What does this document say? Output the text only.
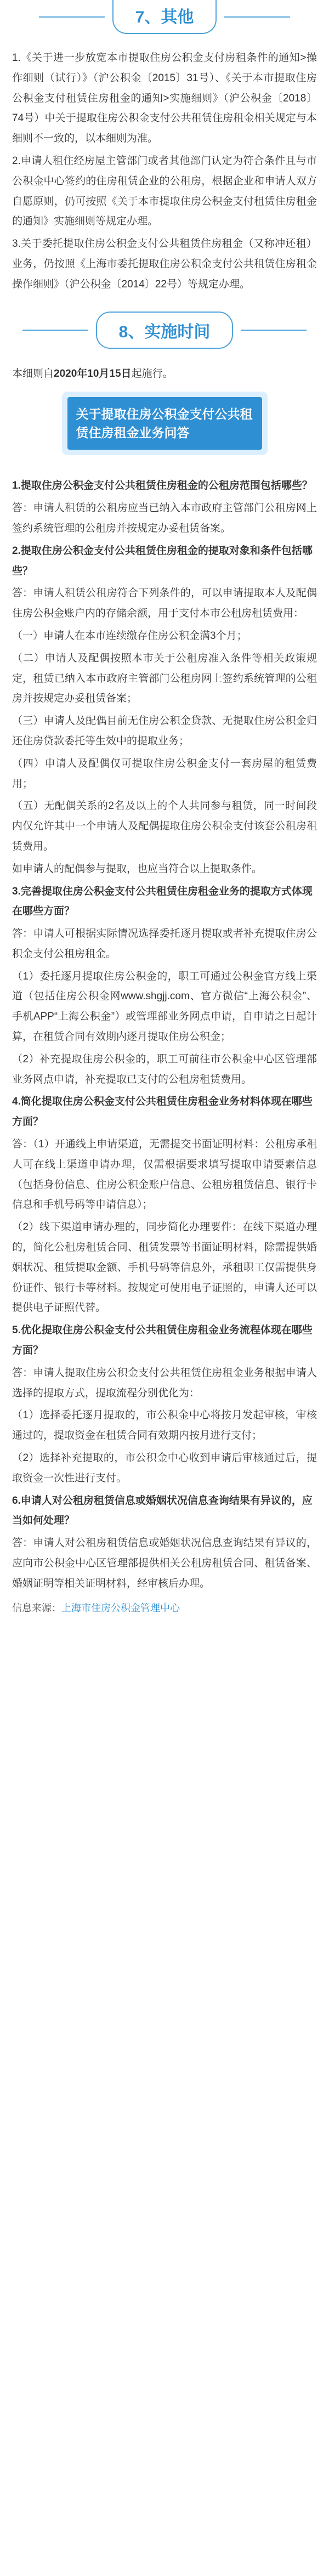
7、其他

1.《关于进一步放宽本市提取住房公积金支付房租条件的通知>操作细则（试行）》（沪公积金〔2015〕31号）、《关于本市提取住房公积金支付租赁住房租金的通知>实施细则》（沪公积金〔2018〕74号）中关于提取住房公积金支付公共租赁住房租金相关规定与本细则不一致的，以本细则为准。

2.申请人租住经房屋主管部门或者其他部门认定为符合条件且与市公积金中心签约的住房租赁企业的公租房，根据企业和申请人双方自愿原则，仍可按照《关于本市提取住房公积金支付租赁住房租金的通知》实施细则等规定办理。

3.关于委托提取住房公积金支付公共租赁住房租金（又称冲还租）业务，仍按照《上海市委托提取住房公积金支付公共租赁住房租金操作细则》（沪公积金〔2014〕22号）等规定办理。

8、实施时间

本细则自2020年10月15日起施行。

关于提取住房公积金支付公共租赁住房租金业务问答

1.提取住房公积金支付公共租赁住房租金的公租房范围包括哪些？

答：申请人租赁的公租房应当已纳入本市政府主管部门公租房网上签约系统管理的公租房并按规定办妥租赁备案。

2.提取住房公积金支付公共租赁住房租金的提取对象和条件包括哪些？

答：申请人租赁公租房符合下列条件的，可以申请提取本人及配偶住房公积金账户内的存储余额，用于支付本市公租房租赁费用：

（一）申请人在本市连续缴存住房公积金满3个月；

（二）申请人及配偶按照本市关于公租房准入条件等相关政策规定，租赁已纳入本市政府主管部门公租房网上签约系统管理的公租房并按规定办妥租赁备案；

（三）申请人及配偶目前无住房公积金贷款、无提取住房公积金归还住房贷款委托等生效中的提取业务；

（四）申请人及配偶仅可提取住房公积金支付一套房屋的租赁费用；

（五）无配偶关系的2名及以上的个人共同参与租赁，同一时间段内仅允许其中一个申请人及配偶提取住房公积金支付该套公租房租赁费用。

如申请人的配偶参与提取，也应当符合以上提取条件。

3.完善提取住房公积金支付公共租赁住房租金业务的提取方式体现在哪些方面？

答：申请人可根据实际情况选择委托逐月提取或者补充提取住房公积金支付公租房租金。

（1）委托逐月提取住房公积金的，职工可通过公积金官方线上渠道（包括住房公积金网www.shgjj.com、官方微信“上海公积金”、手机APP“上海公积金”）或管理部业务网点申请，自申请之日起计算，在租赁合同有效期内逐月提取住房公积金；

（2）补充提取住房公积金的，职工可前往市公积金中心区管理部业务网点申请，补充提取已支付的公租房租赁费用。

4.简化提取住房公积金支付公共租赁住房租金业务材料体现在哪些方面？

答：（1）开通线上申请渠道，无需提交书面证明材料：公租房承租人可在线上渠道申请办理，仅需根据要求填写提取申请要素信息（包括身份信息、住房公积金账户信息、公租房租赁信息、银行卡信息和手机号码等申请信息）；

（2）线下渠道申请办理的，同步简化办理要件：在线下渠道办理的，简化公租房租赁合同、租赁发票等书面证明材料，除需提供婚姻状况、租赁提取金额、手机号码等信息外，承租职工仅需提供身份证件、银行卡等材料。按规定可使用电子证照的，申请人还可以提供电子证照代替。

5.优化提取住房公积金支付公共租赁住房租金业务流程体现在哪些方面？

答：申请人提取住房公积金支付公共租赁住房租金业务根据申请人选择的提取方式，提取流程分别优化为：

（1）选择委托逐月提取的，市公积金中心将按月发起审核，审核通过的，提取资金在租赁合同有效期内按月进行支付；

（2）选择补充提取的，市公积金中心收到申请后审核通过后，提取资金一次性进行支付。

6.申请人对公租房租赁信息或婚姻状况信息查询结果有异议的，应当如何处理？

答：申请人对公租房租赁信息或婚姻状况信息查询结果有异议的，应向市公积金中心区管理部提供相关公租房租赁合同、租赁备案、婚姻证明等相关证明材料，经审核后办理。

信息来源：上海市住房公积金管理中心
